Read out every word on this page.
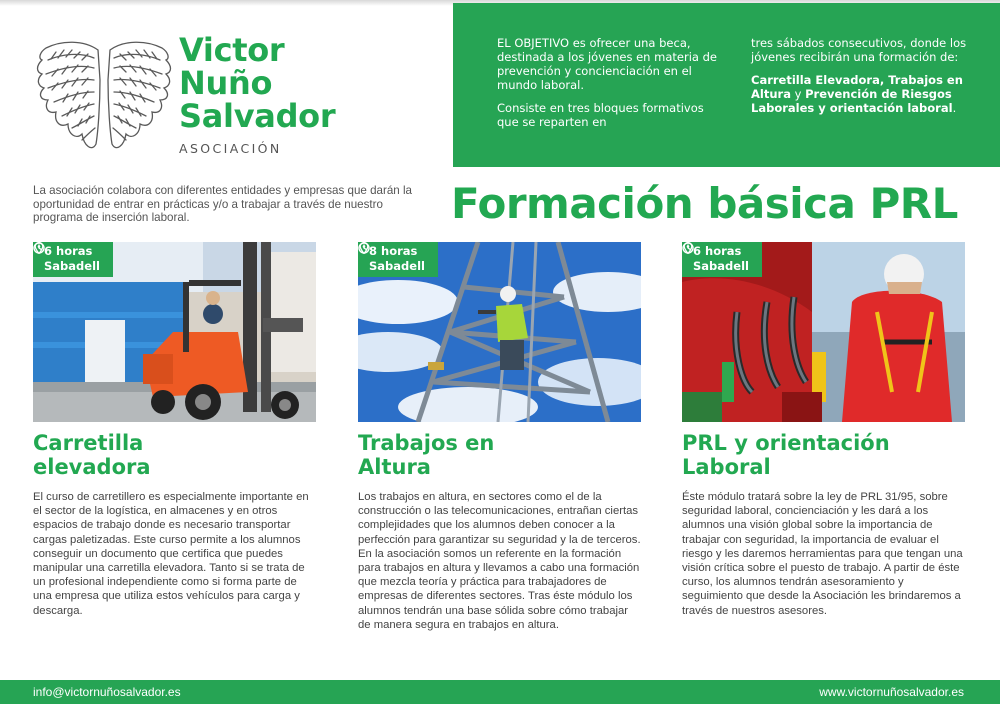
Victor
Nuño
Salvador
ASOCIACIÓN

EL OBJETIVO es ofrecer una beca, destinada a los jóvenes en materia de prevención y concienciación en el mundo laboral.

Consiste en tres bloques formativos que se reparten en

tres sábados consecutivos, donde los jóvenes recibirán una formación de:

Carretilla Elevadora, Trabajos en Altura y Prevención de Riesgos Laborales y orientación laboral.

La asociación colabora con diferentes entidades y empresas que darán la oportunidad de entrar en prácticas y/o a trabajar a través de nuestro programa de inserción laboral.	Formación básica PRL
6 horas
Sabadell
Carretilla
elevadora
El curso de carretillero es especialmente importante en el sector de la logística, en almacenes y en otros espacios de trabajo donde es necesario transportar cargas paletizadas. Este curso permite a los alumnos conseguir un documento que certifica que puedes manipular una carretilla elevadora. Tanto si se trata de un profesional independiente como si forma parte de una empresa que utiliza estos vehículos para carga y descarga.
8 horas
Sabadell
Trabajos en
Altura
Los trabajos en altura, en sectores como el de la construcción o las telecomunicaciones, entrañan ciertas complejidades que los alumnos deben conocer a la perfección para garantizar su seguridad y la de terceros. En la asociación somos un referente en la formación para trabajos en altura y llevamos a cabo una formación que mezcla teoría y práctica para trabajadores de empresas de diferentes sectores. Tras éste módulo los alumnos tendrán una base sólida sobre cómo trabajar de manera segura en trabajos en altura.
6 horas
Sabadell
PRL y orientación
Laboral
Éste módulo tratará sobre la ley de PRL 31/95, sobre seguridad laboral, concienciación y les dará a los alumnos una visión global sobre la importancia de trabajar con seguridad, la importancia de evaluar el riesgo y les daremos herramientas para que tengan una visión crítica sobre el puesto de trabajo. A partir de éste curso, los alumnos tendrán asesoramiento y seguimiento que desde la Asociación les brindaremos a través de nuestros asesores.
info@victornuñosalvador.es	www.victornuñosalvador.es
